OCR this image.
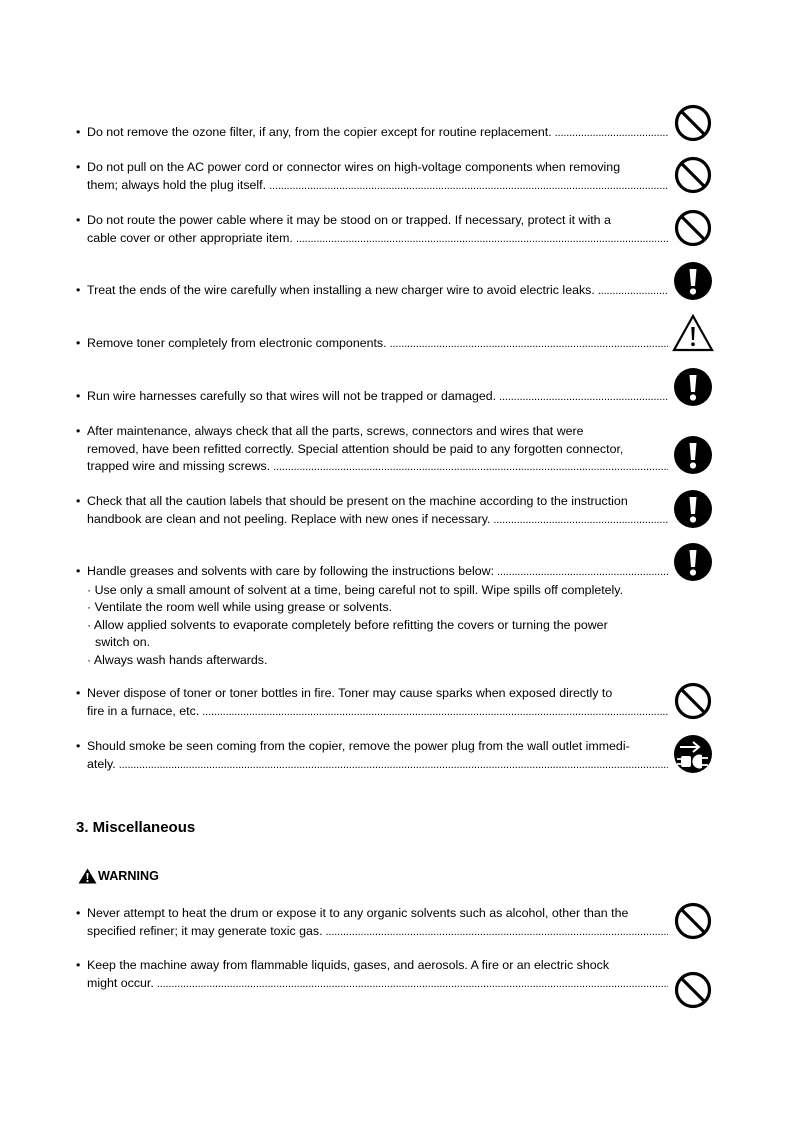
• Do not remove the ozone filter, if any, from the copier except for routine replacement.
. . .
• Do not pull on the AC power cord or connector wires on high-voltage components when removing
them; always hold the plug itself.
. . .
• Do not route the power cable where it may be stood on or trapped. If necessary, protect it with a
cable cover or other appropriate item.
. . .
• Treat the ends of the wire carefully when installing a new charger wire to avoid electric leaks.
. . .
• Remove toner completely from electronic components.
. . .
• Run wire harnesses carefully so that wires will not be trapped or damaged.
. . .
• After maintenance, always check that all the parts, screws, connectors and wires that were
removed, have been refitted correctly. Special attention should be paid to any forgotten connector,
trapped wire and missing screws.
. . .
• Check that all the caution labels that should be present on the machine according to the instruction
handbook are clean and not peeling. Replace with new ones if necessary.
. . .
• Handle greases and solvents with care by following the instructions below:
. . .
· Use only a small amount of solvent at a time, being careful not to spill. Wipe spills off completely.
· Ventilate the room well while using grease or solvents.
· Allow applied solvents to evaporate completely before refitting the covers or turning the power
switch on.
· Always wash hands afterwards.
• Never dispose of toner or toner bottles in fire. Toner may cause sparks when exposed directly to
fire in a furnace, etc.
. . .
• Should smoke be seen coming from the copier, remove the power plug from the wall outlet immedi-
ately.
. . .
3. Miscellaneous
WARNING
• Never attempt to heat the drum or expose it to any organic solvents such as alcohol, other than the
specified refiner; it may generate toxic gas.
. . .
• Keep the machine away from flammable liquids, gases, and aerosols. A fire or an electric shock
might occur.
. . .
